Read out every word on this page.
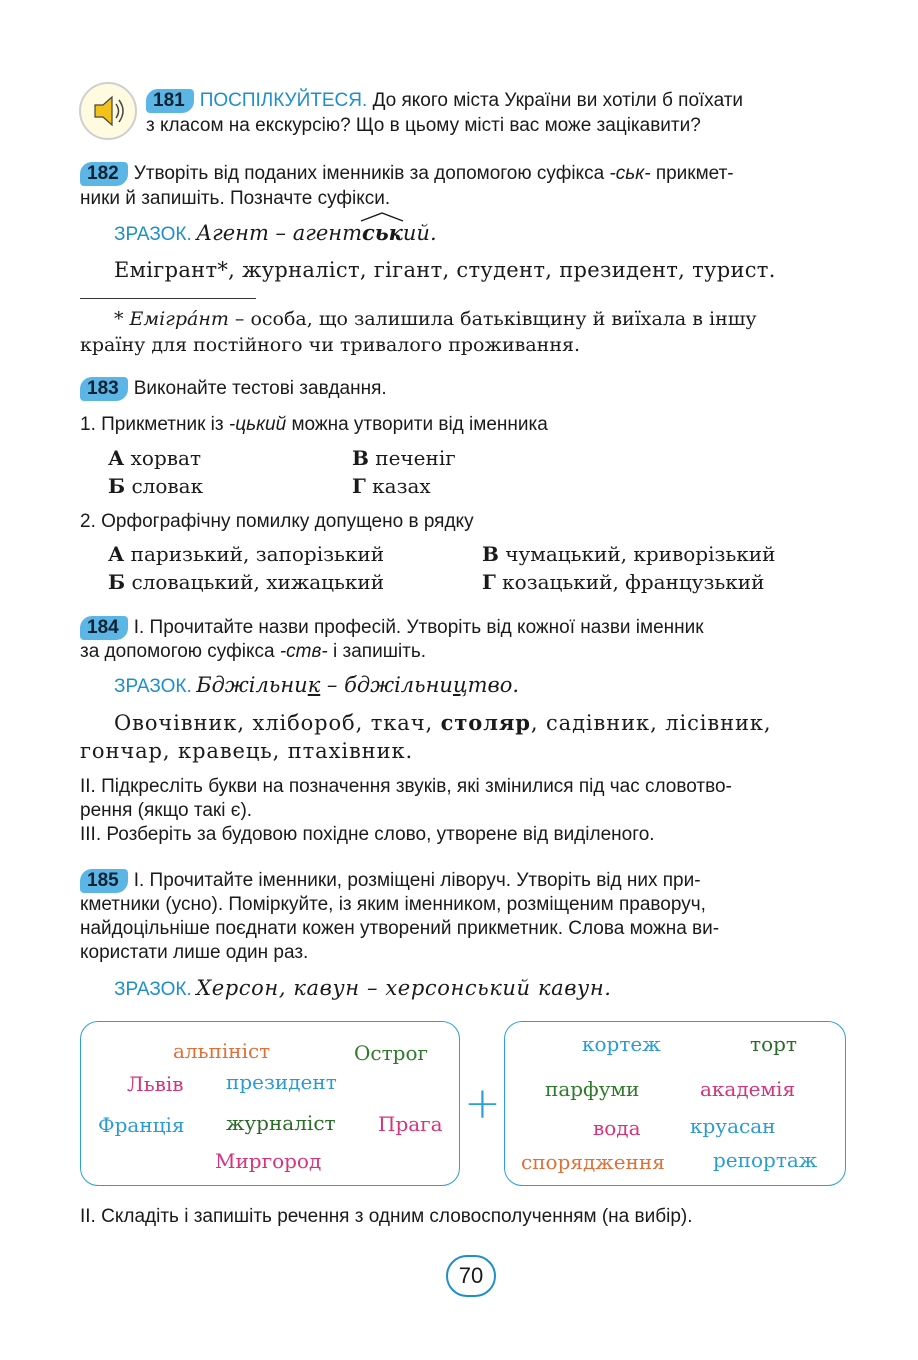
181 ПОСПІЛКУЙТЕСЯ. До якого міста України ви хотіли б поїхати
з класом на екскурсію? Що в цьому місті вас може зацікавити?
182 Утворіть від поданих іменників за допомогою суфікса -ськ- прикмет-
ники й запишіть. Позначте суфікси.
ЗРАЗОК. Агент – агент
ський.
Емігрант*, журналіст, гігант, студент, президент, турист.
* Емігра́нт – особа, що залишила батьківщину й виїхала в іншу
країну для постійного чи тривалого проживання.
183 Виконайте тестові завдання.
1. Прикметник із -цький можна утворити від іменника
А хорват	В печеніг
Б словак	Г казах
2. Орфографічну помилку допущено в рядку
А паризький, запорізький	В чумацький, криворізький
Б словацький, хижацький	Г козацький, французький
184 I. Прочитайте назви професій. Утворіть від кожної назви іменник
за допомогою суфікса -ств- і запишіть.
ЗРАЗОК. Бджільник – бджільництво.
Овочівник, хлібороб, ткач, столяр, садівник, лісівник,
гончар, кравець, птахівник.
II. Підкресліть букви на позначення звуків, які змінилися під час словотво-
рення (якщо такі є).
III. Розберіть за будовою похідне слово, утворене від виділеного.
185 I. Прочитайте іменники, розміщені ліворуч. Утворіть від них при-
кметники (усно). Поміркуйте, із яким іменником, розміщеним праворуч,
найдоцільніше поєднати кожен утворений прикметник. Слова можна ви-
користати лише один раз.
ЗРАЗОК. Херсон, кавун – херсонський кавун.
альпініст	Острог
Львів президент
Франція журналіст Прага
Миргород
+
кортеж	торт
парфуми	академія
вода круасан
спорядження репортаж
II. Складіть і запишіть речення з одним словосполученням (на вибір).
70
